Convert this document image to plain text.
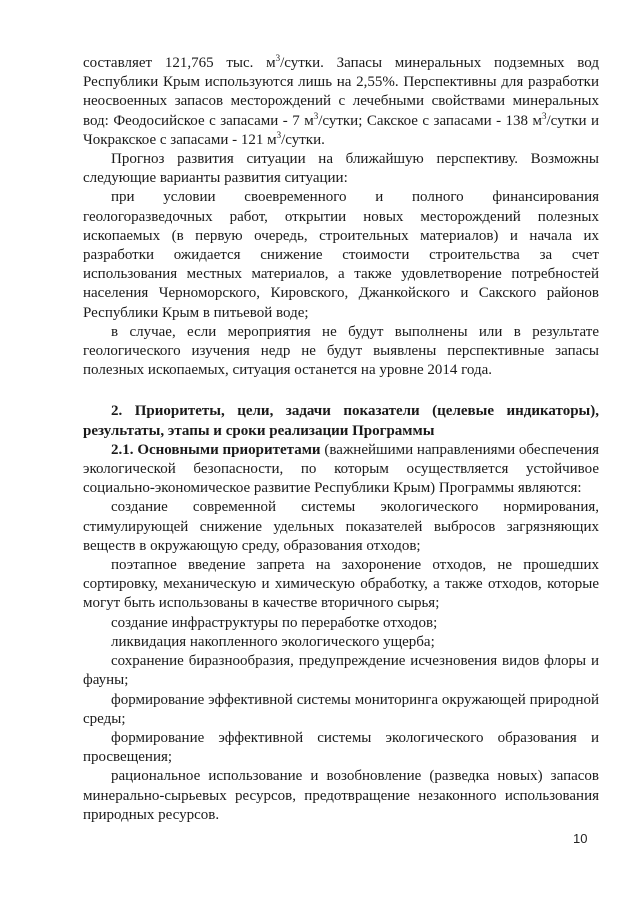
составляет 121,765 тыс. $м^3$/сутки. Запасы минеральных подземных вод Республики Крым используются лишь на 2,55%. Перспективны для разработки неосвоенных запасов месторождений с лечебными свойствами минеральных вод: Феодосийское с запасами - 7 $м^3$/сутки; Сакское с запасами - 138 $м^3$/сутки и Чокракское с запасами - 121 $м^3$/сутки.

Прогноз развития ситуации на ближайшую перспективу. Возможны следующие варианты развития ситуации:

при условии своевременного и полного финансирования геологоразведочных работ, открытии новых месторождений полезных ископаемых (в первую очередь, строительных материалов) и начала их разработки ожидается снижение стоимости строительства за счет использования местных материалов, а также удовлетворение потребностей населения Черноморского, Кировского, Джанкойского и Сакского районов Республики Крым в питьевой воде;

в случае, если мероприятия не будут выполнены или в результате геологического изучения недр не будут выявлены перспективные запасы полезных ископаемых, ситуация останется на уровне 2014 года.

2. Приоритеты, цели, задачи показатели (целевые индикаторы), результаты, этапы и сроки реализации Программы

2.1. Основными приоритетами (важнейшими направлениями обеспечения экологической безопасности, по которым осуществляется устойчивое социально-экономическое развитие Республики Крым) Программы являются:

создание современной системы экологического нормирования, стимулирующей снижение удельных показателей выбросов загрязняющих веществ в окружающую среду, образования отходов;

поэтапное введение запрета на захоронение отходов, не прошедших сортировку, механическую и химическую обработку, а также отходов, которые могут быть использованы в качестве вторичного сырья;

создание инфраструктуры по переработке отходов;

ликвидация накопленного экологического ущерба;

сохранение биразнообразия, предупреждение исчезновения видов флоры и фауны;

формирование эффективной системы мониторинга окружающей природной среды;

формирование эффективной системы экологического образования и просвещения;

рациональное использование и возобновление (разведка новых) запасов минерально-сырьевых ресурсов, предотвращение незаконного использования природных ресурсов.

10
